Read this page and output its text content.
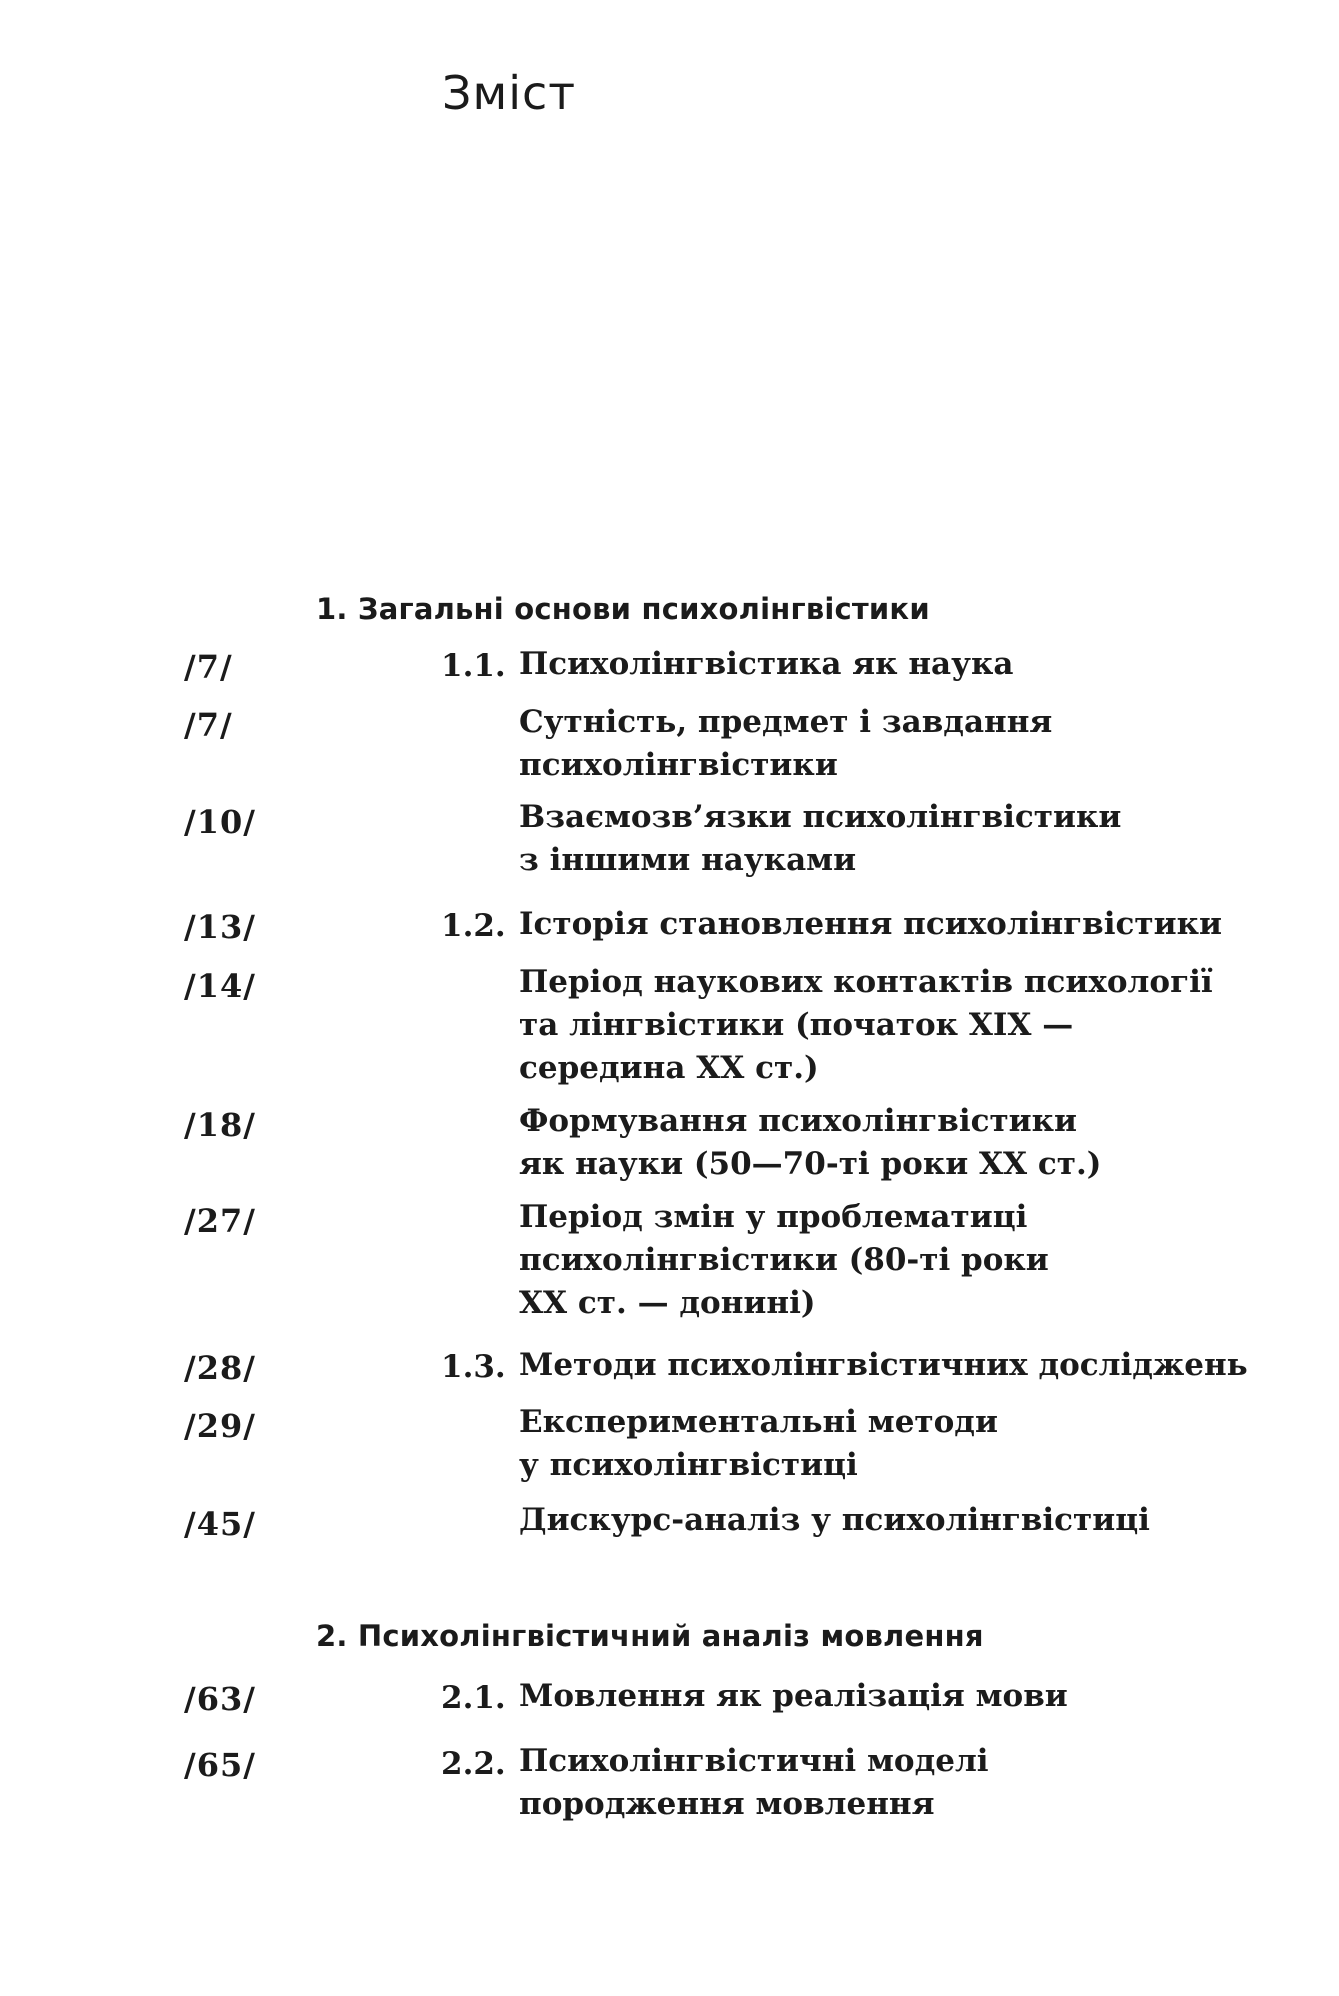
Зміст
1. Загальні основи психолінгвістики
/7/	1.1. Психолінгвістика як наука
/7/	Сутність, предмет і завдання
психолінгвістики
/10/	Взаємозв’язки психолінгвістики
з іншими науками
/13/	1.2. Історія становлення психолінгвістики
/14/	Період наукових контактів психології
та лінгвістики (початок XIX —
середина XX ст.)
/18/	Формування психолінгвістики
як науки (50—70-ті роки XX ст.)
/27/	Період змін у проблематиці
психолінгвістики (80-ті роки
XX ст. — донині)
/28/	1.3. Методи психолінгвістичних досліджень
/29/	Експериментальні методи
у психолінгвістиці
/45/	Дискурс-аналіз у психолінгвістиці
2. Психолінгвістичний аналіз мовлення
/63/	2.1. Мовлення як реалізація мови
/65/	2.2. Психолінгвістичні моделі
породження мовлення
